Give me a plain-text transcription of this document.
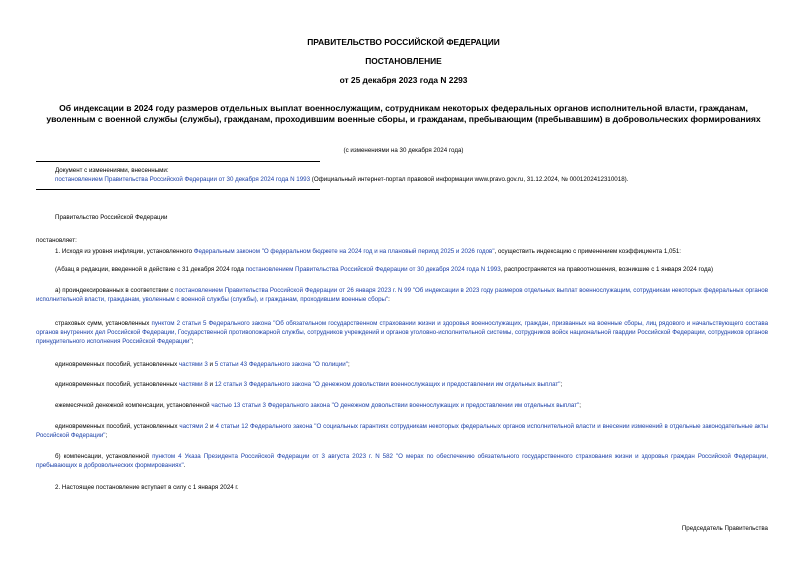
ПРАВИТЕЛЬСТВО РОССИЙСКОЙ ФЕДЕРАЦИИ
ПОСТАНОВЛЕНИЕ
от 25 декабря 2023 года N 2293
Об индексации в 2024 году размеров отдельных выплат военнослужащим, сотрудникам некоторых федеральных органов исполнительной власти, гражданам, уволенным с военной службы (службы), гражданам, проходившим военные сборы, и гражданам, пребывающим (пребывавшим) в добровольческих формированиях
(с изменениями на 30 декабря 2024 года)
Документ с изменениями, внесенными:
постановлением Правительства Российской Федерации от 30 декабря 2024 года N 1993 (Официальный интернет-портал правовой информации www.pravo.gov.ru, 31.12.2024, № 0001202412310018).
Правительство Российской Федерации
постановляет:
1. Исходя из уровня инфляции, установленного Федеральным законом "О федеральном бюджете на 2024 год и на плановый период 2025 и 2026 годов", осуществить индексацию с применением коэффициента 1,051:
(Абзац в редакции, введенной в действие с 31 декабря 2024 года постановлением Правительства Российской Федерации от 30 декабря 2024 года N 1993, распространяется на правоотношения, возникшие с 1 января 2024 года)
а) проиндексированных в соответствии с постановлением Правительства Российской Федерации от 26 января 2023 г. N 99 "Об индексации в 2023 году размеров отдельных выплат военнослужащим, сотрудникам некоторых федеральных органов исполнительной власти, гражданам, уволенным с военной службы (службы), и гражданам, проходившим военные сборы":
страховых сумм, установленных пунктом 2 статьи 5 Федерального закона "Об обязательном государственном страховании жизни и здоровья военнослужащих, граждан, призванных на военные сборы, лиц рядового и начальствующего состава органов внутренних дел Российской Федерации, Государственной противопожарной службы, сотрудников учреждений и органов уголовно-исполнительной системы, сотрудников войск национальной гвардии Российской Федерации, сотрудников органов принудительного исполнения Российской Федерации";
единовременных пособий, установленных частями 3 и 5 статьи 43 Федерального закона "О полиции";
единовременных пособий, установленных частями 8 и 12 статьи 3 Федерального закона "О денежном довольствии военнослужащих и предоставлении им отдельных выплат";
ежемесячной денежной компенсации, установленной частью 13 статьи 3 Федерального закона "О денежном довольствии военнослужащих и предоставлении им отдельных выплат";
единовременных пособий, установленных частями 2 и 4 статьи 12 Федерального закона "О социальных гарантиях сотрудникам некоторых федеральных органов исполнительной власти и внесении изменений в отдельные законодательные акты Российской Федерации";
б) компенсации, установленной пунктом 4 Указа Президента Российской Федерации от 3 августа 2023 г. N 582 "О мерах по обеспечению обязательного государственного страхования жизни и здоровья граждан Российской Федерации, пребывающих в добровольческих формированиях".
2. Настоящее постановление вступает в силу с 1 января 2024 г.
Председатель Правительства
